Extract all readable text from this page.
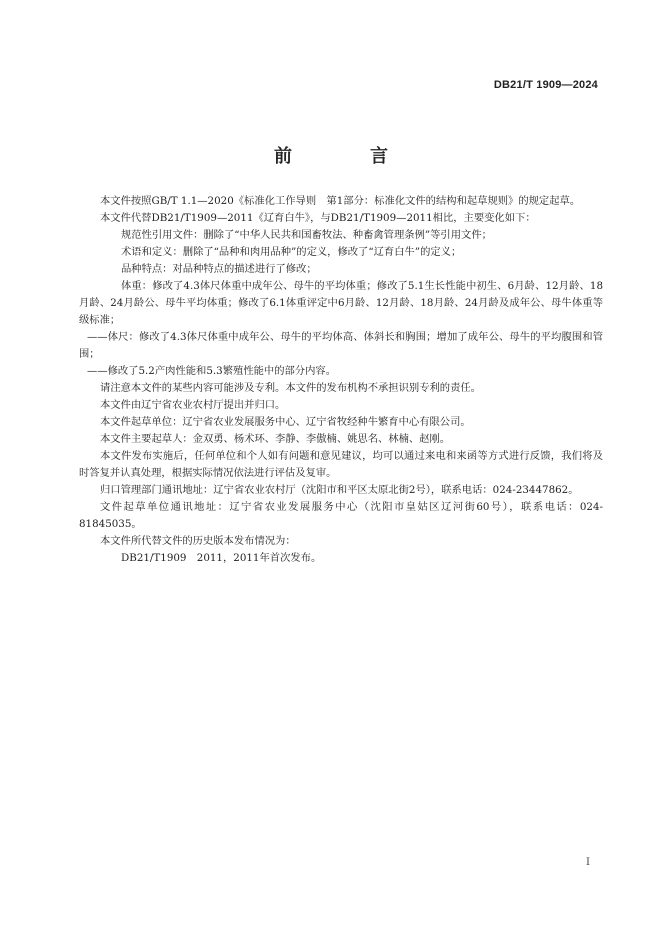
DB21/T 1909—2024
前　言

本文件按照GB/T 1.1—2020《标准化工作导则　第1部分：标准化文件的结构和起草规则》的规定起草。

本文件代替DB21/T1909—2011《辽育白牛》，与DB21/T1909—2011相比，主要变化如下：

规范性引用文件：删除了“中华人民共和国畜牧法、种畜禽管理条例”等引用文件；

术语和定义：删除了“品种和肉用品种”的定义，修改了“辽育白牛”的定义；

品种特点：对品种特点的描述进行了修改；

体重：修改了4.3体尺体重中成年公、母牛的平均体重；修改了5.1生长性能中初生、6月龄、12月龄、18月龄、24月龄公、母牛平均体重；修改了6.1体重评定中6月龄、12月龄、18月龄、24月龄及成年公、母牛体重等级标准；

——体尺：修改了4.3体尺体重中成年公、母牛的平均体高、体斜长和胸围；增加了成年公、母牛的平均腹围和管围；

——修改了5.2产肉性能和5.3繁殖性能中的部分内容。

请注意本文件的某些内容可能涉及专利。本文件的发布机构不承担识别专利的责任。

本文件由辽宁省农业农村厅提出并归口。

本文件起草单位：辽宁省农业发展服务中心、辽宁省牧经种牛繁育中心有限公司。

本文件主要起草人：金双勇、杨术环、李静、李傲楠、姚思名、林楠、赵刚。

本文件发布实施后，任何单位和个人如有问题和意见建议，均可以通过来电和来函等方式进行反馈，我们将及时答复并认真处理，根据实际情况依法进行评估及复审。

归口管理部门通讯地址：辽宁省农业农村厅（沈阳市和平区太原北街2号），联系电话：024-23447862。

文件起草单位通讯地址：辽宁省农业发展服务中心（沈阳市皇姑区辽河街60号），联系电话：024-81845035。

本文件所代替文件的历史版本发布情况为：

DB21/T1909　2011，2011年首次发布。

I
